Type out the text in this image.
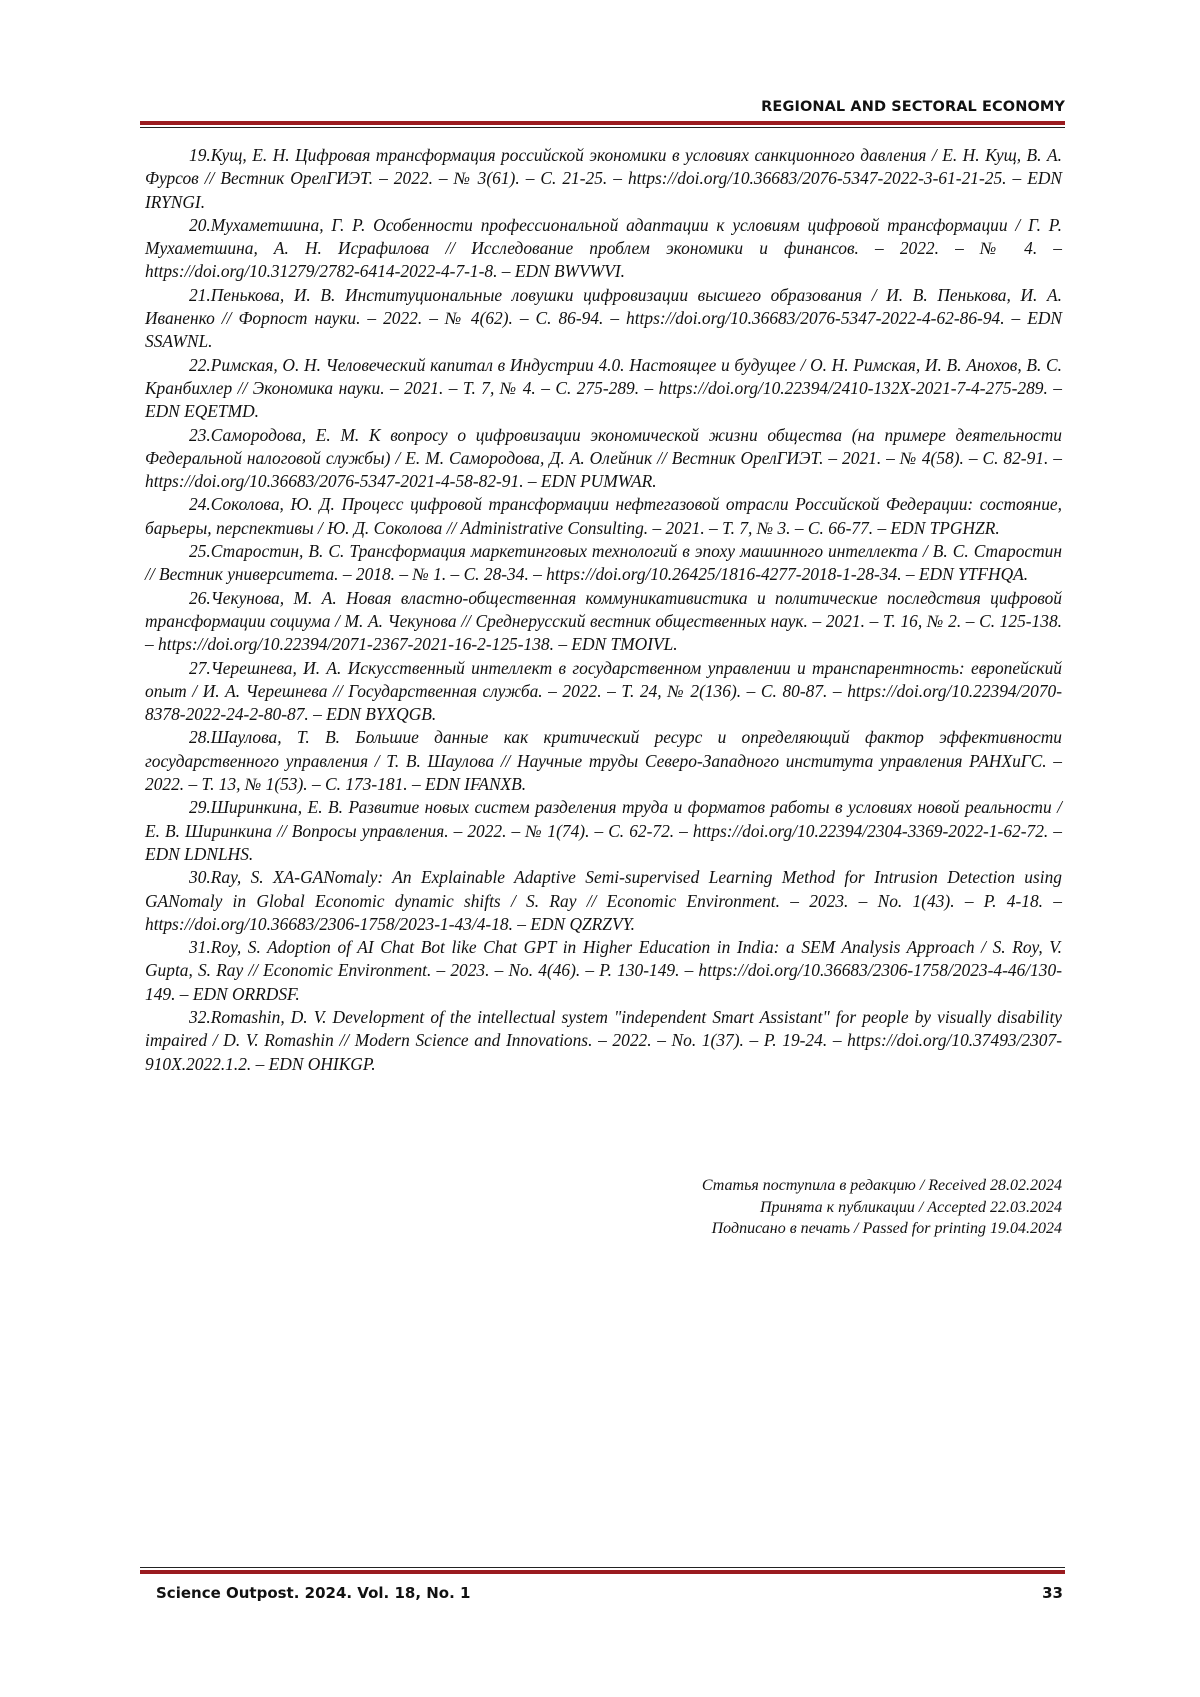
REGIONAL AND SECTORAL ECONOMY

19.Кущ, Е. Н. Цифровая трансформация российской экономики в условиях санкционного давления / Е. Н. Кущ, В. А. Фурсов // Вестник ОрелГИЭТ. – 2022. – № 3(61). – С. 21-25. – https://doi.org/10.36683/2076-5347-2022-3-61-21-25. – EDN IRYNGI.

20.Мухаметшина, Г. Р. Особенности профессиональной адаптации к условиям цифровой трансформации / Г. Р. Мухаметшина, А. Н. Исрафилова // Исследование проблем экономики и финансов. – 2022. – № 4. – https://doi.org/10.31279/2782-6414-2022-4-7-1-8. – EDN BWVWVI.

21.Пенькова, И. В. Институциональные ловушки цифровизации высшего образования / И. В. Пенькова, И. А. Иваненко // Форпост науки. – 2022. – № 4(62). – С. 86-94. – https://doi.org/10.36683/2076-5347-2022-4-62-86-94. – EDN SSAWNL.

22.Римская, О. Н. Человеческий капитал в Индустрии 4.0. Настоящее и будущее / О. Н. Римская, И. В. Анохов, В. С. Кранбихлер // Экономика науки. – 2021. – Т. 7, № 4. – С. 275-289. – https://doi.org/10.22394/2410-132X-2021-7-4-275-289. – EDN EQETMD.

23.Самородова, Е. М. К вопросу о цифровизации экономической жизни общества (на примере деятельности Федеральной налоговой службы) / Е. М. Самородова, Д. А. Олейник // Вестник ОрелГИЭТ. – 2021. – № 4(58). – С. 82-91. – https://doi.org/10.36683/2076-5347-2021-4-58-82-91. – EDN PUMWAR.

24.Соколова, Ю. Д. Процесс цифровой трансформации нефтегазовой отрасли Российской Федерации: состояние, барьеры, перспективы / Ю. Д. Соколова // Administrative Consulting. – 2021. – Т. 7, № 3. – С. 66-77. – EDN TPGHZR.

25.Старостин, В. С. Трансформация маркетинговых технологий в эпоху машинного интеллекта / В. С. Старостин // Вестник университета. – 2018. – № 1. – С. 28-34. – https://doi.org/10.26425/1816-4277-2018-1-28-34. – EDN YTFHQA.

26.Чекунова, М. А. Новая властно-общественная коммуникативистика и политические последствия цифровой трансформации социума / М. А. Чекунова // Среднерусский вестник общественных наук. – 2021. – Т. 16, № 2. – С. 125-138. – https://doi.org/10.22394/2071-2367-2021-16-2-125-138. – EDN TMOIVL.

27.Черешнева, И. А. Искусственный интеллект в государственном управлении и транспарентность: европейский опыт / И. А. Черешнева // Государственная служба. – 2022. – Т. 24, № 2(136). – С. 80-87. – https://doi.org/10.22394/2070-8378-2022-24-2-80-87. – EDN BYXQGB.

28.Шаулова, Т. В. Большие данные как критический ресурс и определяющий фактор эффективности государственного управления / Т. В. Шаулова // Научные труды Северо-Западного института управления РАНХиГС. – 2022. – Т. 13, № 1(53). – С. 173-181. – EDN IFANXB.

29.Ширинкина, Е. В. Развитие новых систем разделения труда и форматов работы в условиях новой реальности / Е. В. Ширинкина // Вопросы управления. – 2022. – № 1(74). – С. 62-72. – https://doi.org/10.22394/2304-3369-2022-1-62-72. – EDN LDNLHS.

30.Ray, S. XA-GANomaly: An Explainable Adaptive Semi-supervised Learning Method for Intrusion Detection using GANomaly in Global Economic dynamic shifts / S. Ray // Economic Environment. – 2023. – No. 1(43). – P. 4-18. – https://doi.org/10.36683/2306-1758/2023-1-43/4-18. – EDN QZRZVY.

31.Roy, S. Adoption of AI Chat Bot like Chat GPT in Higher Education in India: a SEM Analysis Approach / S. Roy, V. Gupta, S. Ray // Economic Environment. – 2023. – No. 4(46). – P. 130-149. – https://doi.org/10.36683/2306-1758/2023-4-46/130-149. – EDN ORRDSF.

32.Romashin, D. V. Development of the intellectual system "independent Smart Assistant" for people by visually disability impaired / D. V. Romashin // Modern Science and Innovations. – 2022. – No. 1(37). – P. 19-24. – https://doi.org/10.37493/2307-910X.2022.1.2. – EDN OHIKGP.

Статья поступила в редакцию / Received 28.02.2024
Принята к публикации / Accepted 22.03.2024
Подписано в печать / Passed for printing 19.04.2024
Science Outpost. 2024. Vol. 18, No. 1	33
